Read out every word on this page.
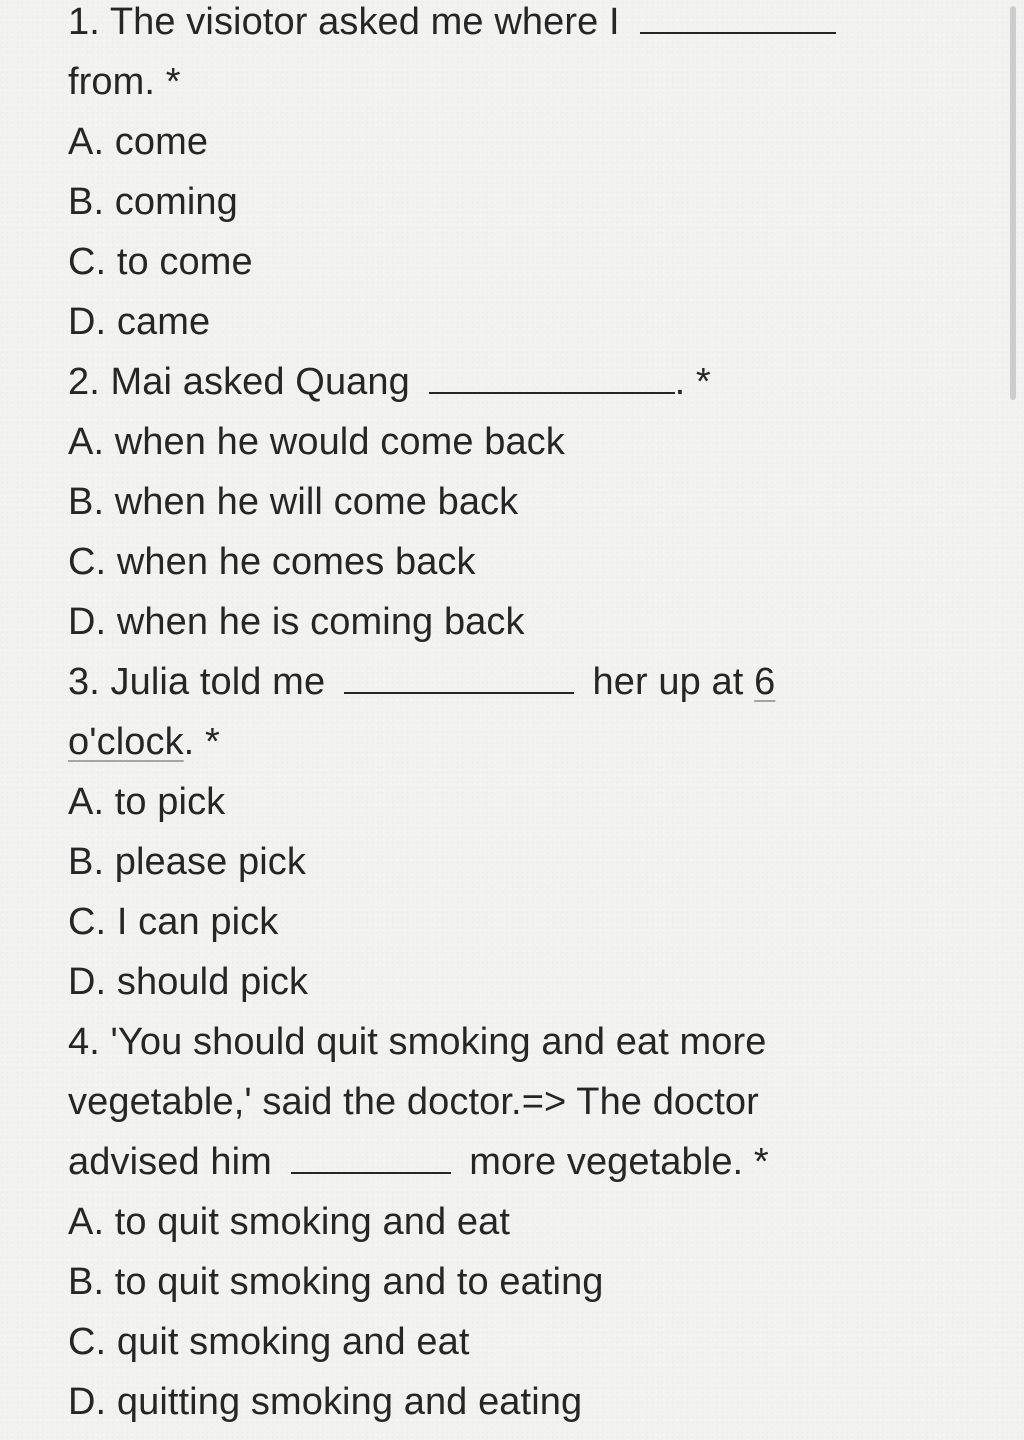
1. The visiotor asked me where I
from. *
A. come
B. coming
C. to come
D. came
2. Mai asked Quang	. *
A. when he would come back
B. when he will come back
C. when he comes back
D. when he is coming back
3. Julia told me	her up at 6
o'clock. *
A. to pick
B. please pick
C. I can pick
D. should pick
4. 'You should quit smoking and eat more
vegetable,' said the doctor.=> The doctor
advised him	more vegetable. *
A. to quit smoking and eat
B. to quit smoking and to eating
C. quit smoking and eat
D. quitting smoking and eating
